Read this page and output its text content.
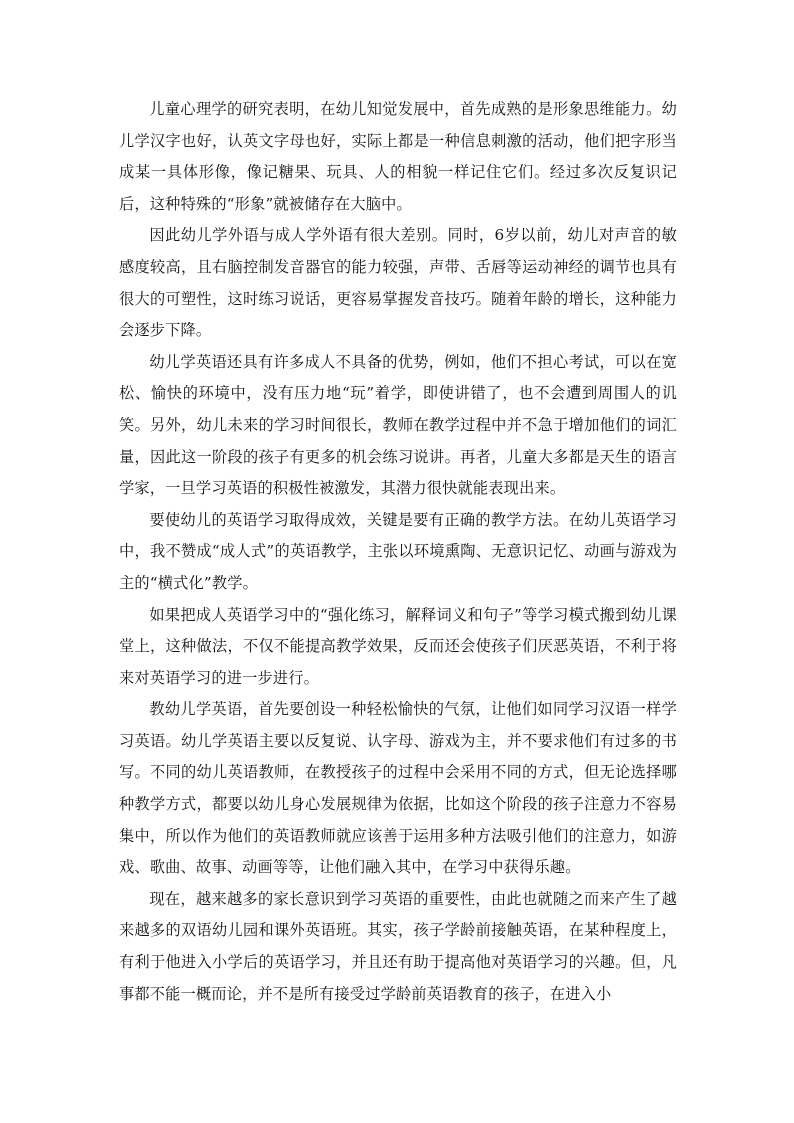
儿童心理学的研究表明，在幼儿知觉发展中，首先成熟的是形象思维能力。幼儿学汉字也好，认英文字母也好，实际上都是一种信息刺激的活动，他们把字形当成某一具体形像，像记糖果、玩具、人的相貌一样记住它们。经过多次反复识记后，这种特殊的“形象”就被储存在大脑中。

因此幼儿学外语与成人学外语有很大差别。同时，6岁以前，幼儿对声音的敏感度较高，且右脑控制发音器官的能力较强，声带、舌唇等运动神经的调节也具有很大的可塑性，这时练习说话，更容易掌握发音技巧。随着年龄的增长，这种能力会逐步下降。

幼儿学英语还具有许多成人不具备的优势，例如，他们不担心考试，可以在宽松、愉快的环境中，没有压力地“玩”着学，即使讲错了，也不会遭到周围人的讥笑。另外，幼儿未来的学习时间很长，教师在教学过程中并不急于增加他们的词汇量，因此这一阶段的孩子有更多的机会练习说讲。再者，儿童大多都是天生的语言学家，一旦学习英语的积极性被激发，其潜力很快就能表现出来。

要使幼儿的英语学习取得成效，关键是要有正确的教学方法。在幼儿英语学习中，我不赞成“成人式”的英语教学，主张以环境熏陶、无意识记忆、动画与游戏为主的“横式化”教学。

如果把成人英语学习中的“强化练习，解释词义和句子”等学习模式搬到幼儿课堂上，这种做法，不仅不能提高教学效果，反而还会使孩子们厌恶英语，不利于将来对英语学习的进一步进行。

教幼儿学英语，首先要创设一种轻松愉快的气氛，让他们如同学习汉语一样学习英语。幼儿学英语主要以反复说、认字母、游戏为主，并不要求他们有过多的书写。不同的幼儿英语教师，在教授孩子的过程中会采用不同的方式，但无论选择哪种教学方式，都要以幼儿身心发展规律为依据，比如这个阶段的孩子注意力不容易集中，所以作为他们的英语教师就应该善于运用多种方法吸引他们的注意力，如游戏、歌曲、故事、动画等等，让他们融入其中，在学习中获得乐趣。

现在，越来越多的家长意识到学习英语的重要性，由此也就随之而来产生了越来越多的双语幼儿园和课外英语班。其实，孩子学龄前接触英语，在某种程度上，有利于他进入小学后的英语学习，并且还有助于提高他对英语学习的兴趣。但，凡事都不能一概而论，并不是所有接受过学龄前英语教育的孩子，在进入小
